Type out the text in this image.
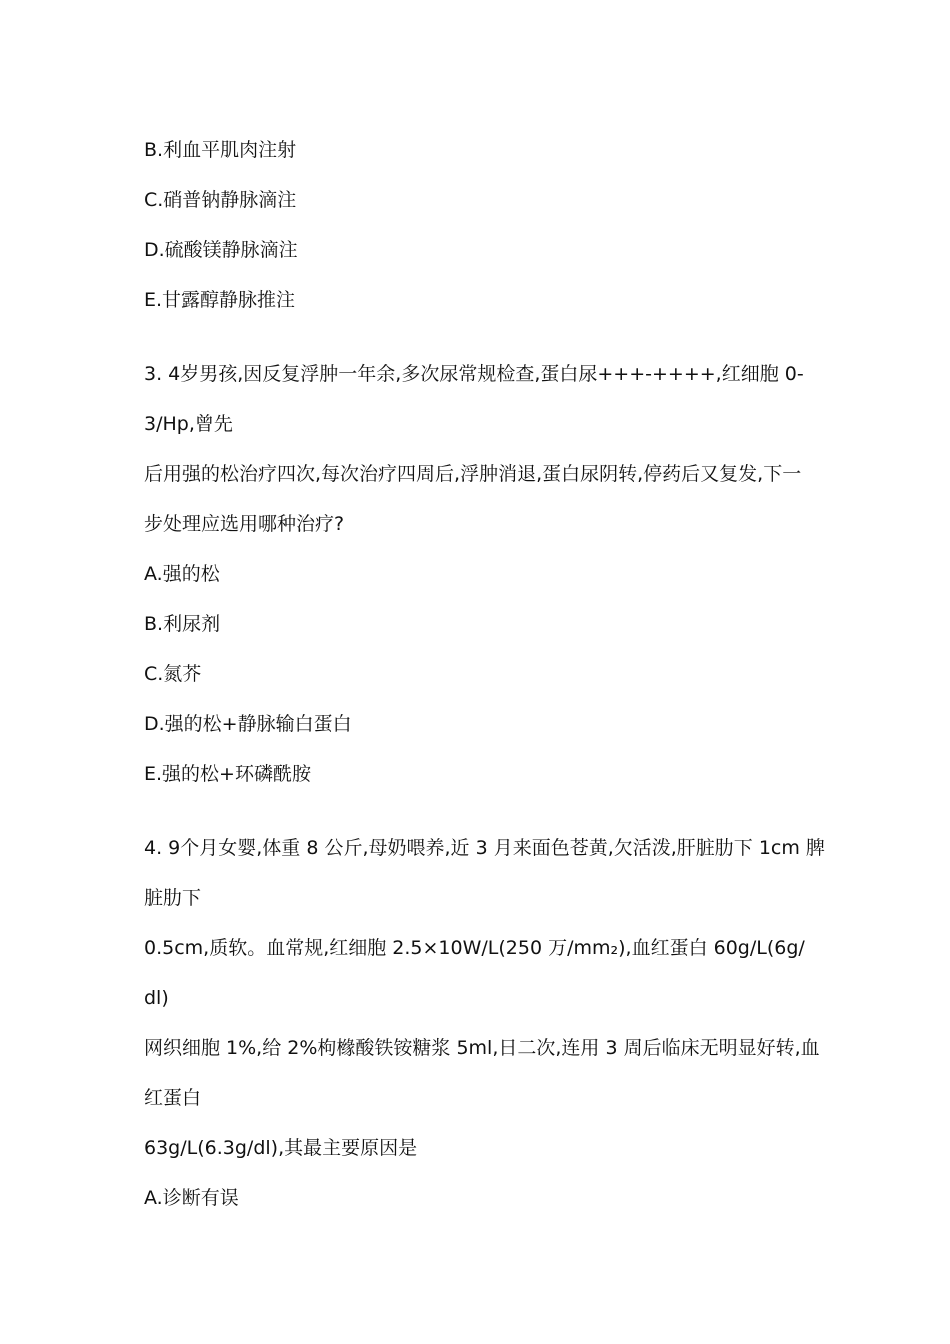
B.利血平肌肉注射
C.硝普钠静脉滴注
D.硫酸镁静脉滴注
E.甘露醇静脉推注
3. 4岁男孩,因反复浮肿一年余,多次尿常规检查,蛋白尿+++-++++,红细胞 0-
3/Hp,曾先
后用强的松治疗四次,每次治疗四周后,浮肿消退,蛋白尿阴转,停药后又复发,下一
步处理应选用哪种治疗?
A.强的松
B.利尿剂
C.氮芥
D.强的松+静脉输白蛋白
E.强的松+环磷酰胺
4. 9个月女婴,体重 8 公斤,母奶喂养,近 3 月来面色苍黄,欠活泼,肝脏肋下 1cm 脾
脏肋下
0.5cm,质软。血常规,红细胞 2.5×10W/L(250 万/mm₂),血红蛋白 60g/L(6g/
dl)
网织细胞 1%,给 2%枸橼酸铁铵糖浆 5ml,日二次,连用 3 周后临床无明显好转,血
红蛋白
63g/L(6.3g/dl),其最主要原因是
A.诊断有误
